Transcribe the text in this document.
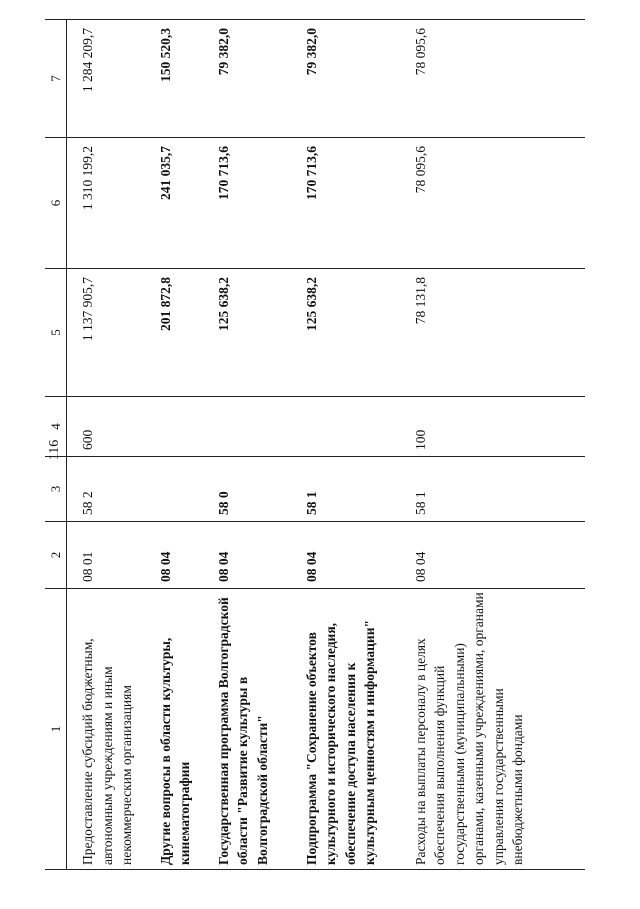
116
1	2	3	4	5	6	7
Предоставление субсидий бюджетным, автономным учреждениям и иным некоммерческим организациям	08 01	58 2	600	1 137 905,7	1 310 199,2	1 284 209,7
Другие вопросы в области культуры, кинематографии	08 04			201 872,8	241 035,7	150 520,3
Государственная программа Волгоградской области "Развитие культуры в Волгоградской области"	08 04	58 0		125 638,2	170 713,6	79 382,0
Подпрограмма "Сохранение объектов культурного и исторического наследия, обеспечение доступа населения к культурным ценностям и информации"	08 04	58 1		125 638,2	170 713,6	79 382,0
Расходы на выплаты персоналу в целях обеспечения выполнения функций государственными (муниципальными) органами, казенными учреждениями, органами управления государственными внебюджетными фондами	08 04	58 1	100	78 131,8	78 095,6	78 095,6
